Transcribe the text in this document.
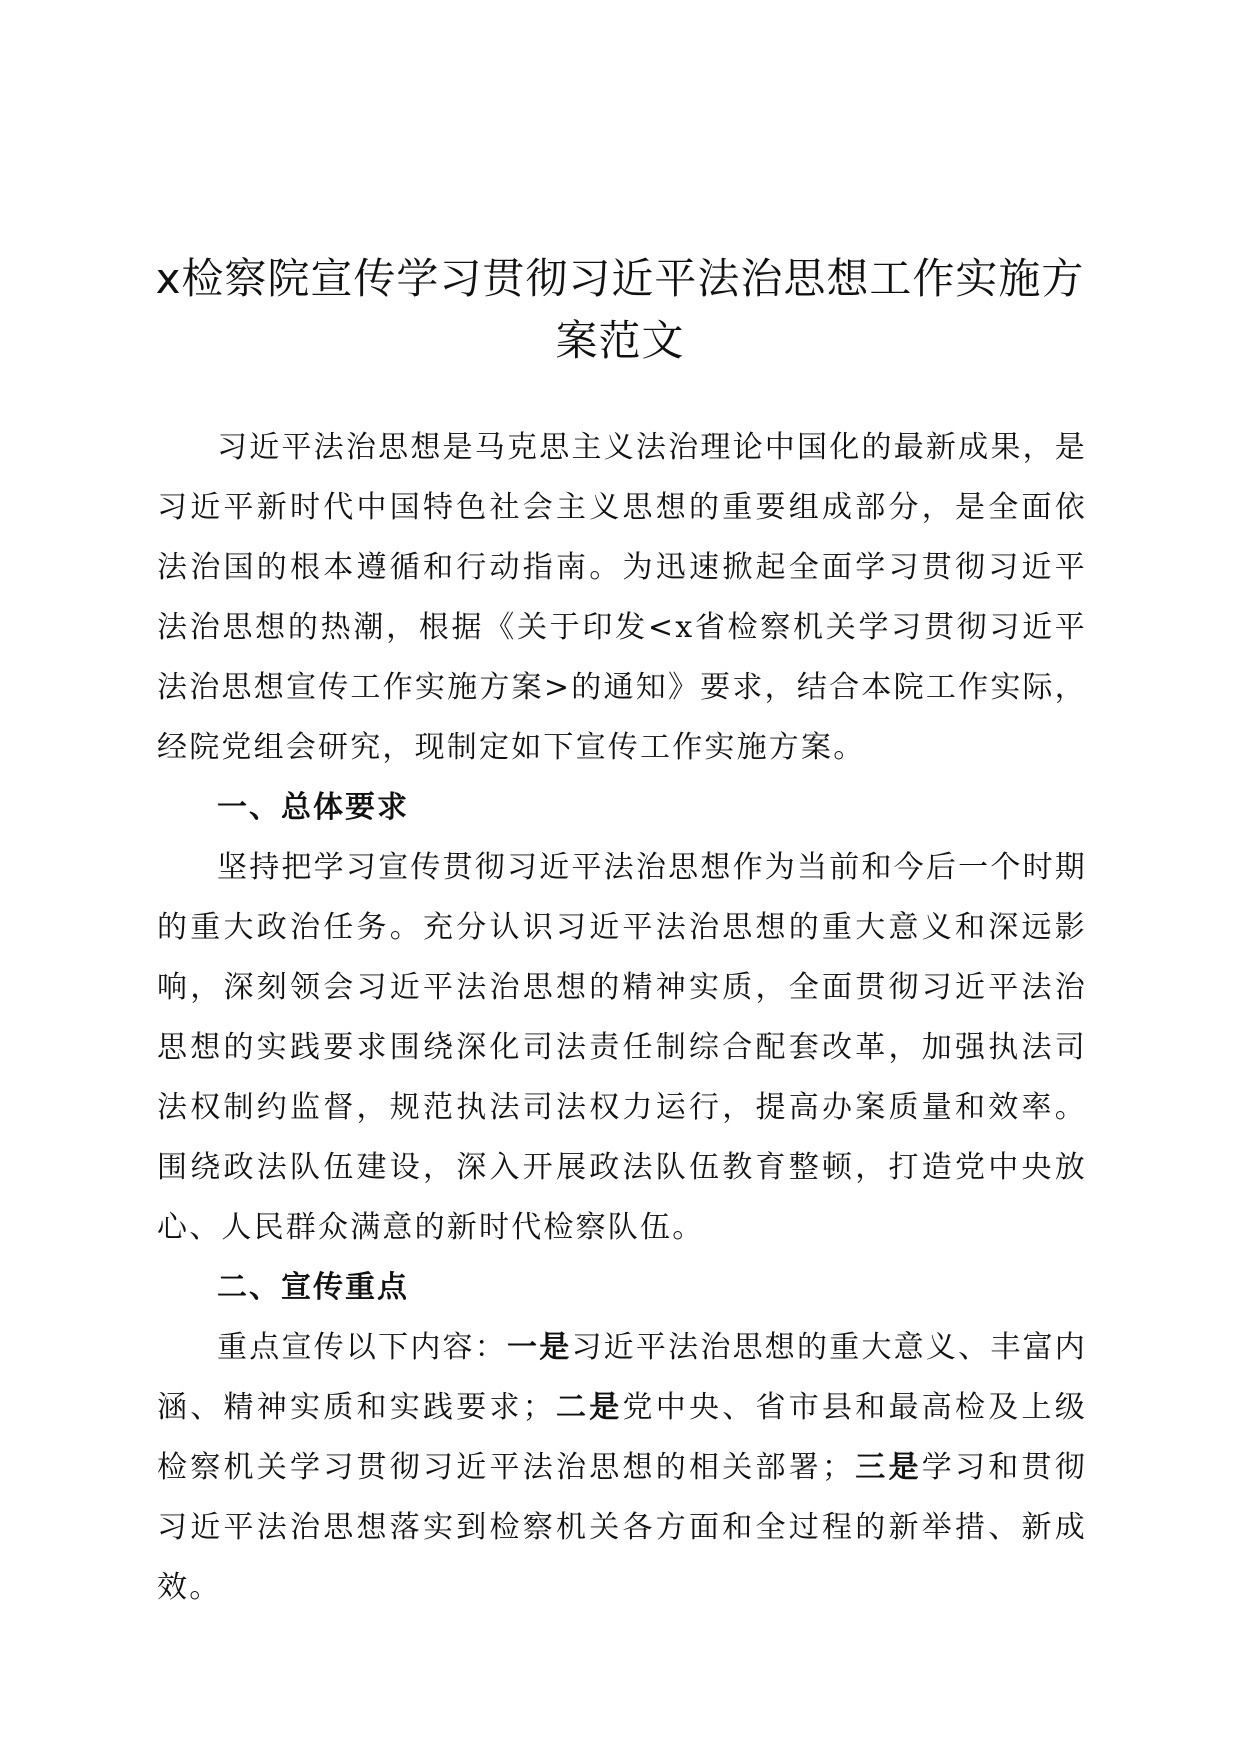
x检察院宣传学习贯彻习近平法治思想工作实施方案范文

习近平法治思想是马克思主义法治理论中国化的最新成果，是习近平新时代中国特色社会主义思想的重要组成部分，是全面依法治国的根本遵循和行动指南。为迅速掀起全面学习贯彻习近平法治思想的热潮，根据《关于印发<x省检察机关学习贯彻习近平法治思想宣传工作实施方案>的通知》要求，结合本院工作实际，经院党组会研究，现制定如下宣传工作实施方案。

一、总体要求

坚持把学习宣传贯彻习近平法治思想作为当前和今后一个时期的重大政治任务。充分认识习近平法治思想的重大意义和深远影响，深刻领会习近平法治思想的精神实质，全面贯彻习近平法治思想的实践要求围绕深化司法责任制综合配套改革，加强执法司法权制约监督，规范执法司法权力运行，提高办案质量和效率。围绕政法队伍建设，深入开展政法队伍教育整顿，打造党中央放心、人民群众满意的新时代检察队伍。

二、宣传重点

重点宣传以下内容：一是习近平法治思想的重大意义、丰富内涵、精神实质和实践要求；二是党中央、省市县和最高检及上级检察机关学习贯彻习近平法治思想的相关部署；三是学习和贯彻习近平法治思想落实到检察机关各方面和全过程的新举措、新成效。
